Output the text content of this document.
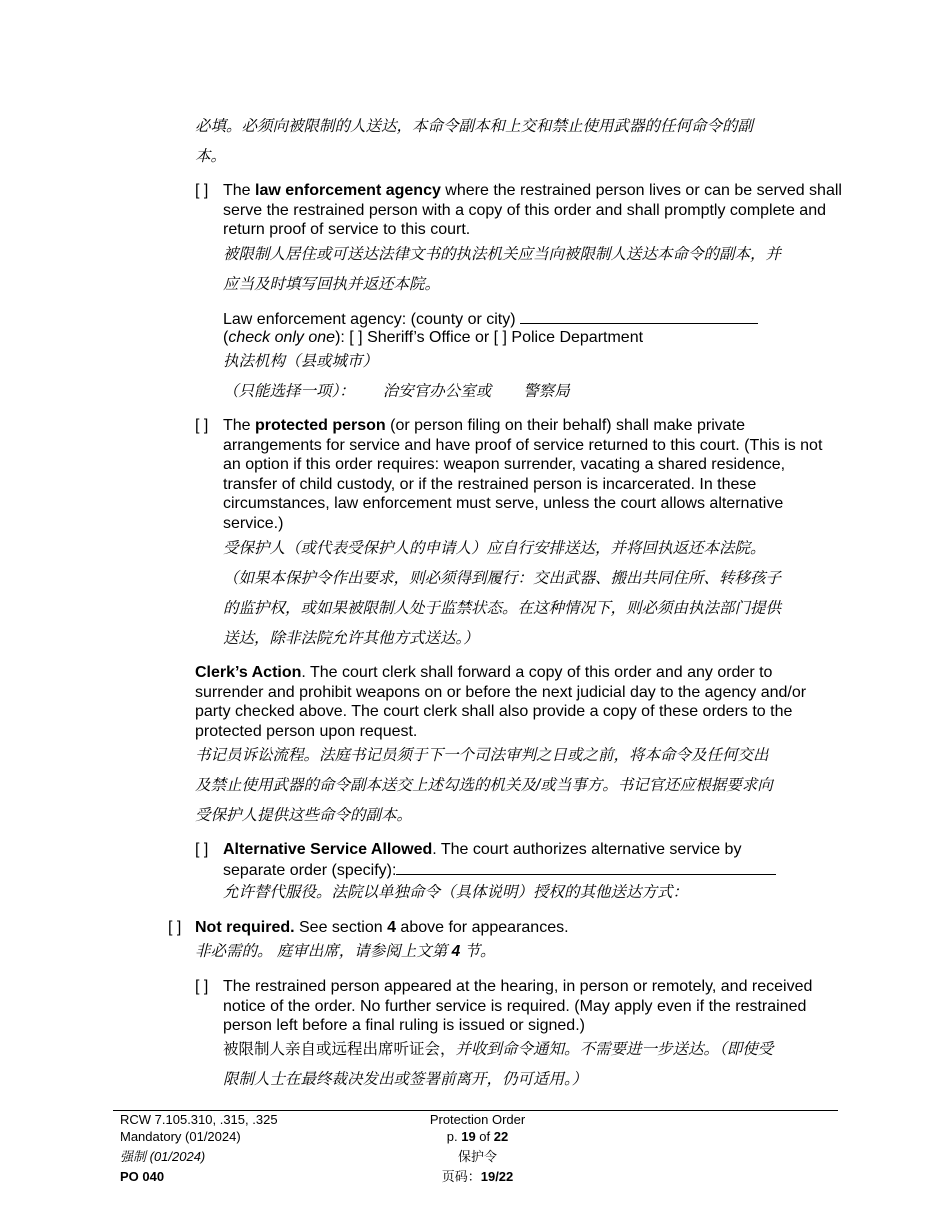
必填。必须向被限制的人送达，本命令副本和上交和禁止使用武器的任何命令的副
本。
[ ] The law enforcement agency where the restrained person lives or can be served shall serve the restrained person with a copy of this order and shall promptly complete and return proof of service to this court.
被限制人居住或可送达法律文书的执法机关应当向被限制人送达本命令的副本，并
应当及时填写回执并返还本院。
Law enforcement agency: (county or city)
(check only one): [ ] Sheriff’s Office or [ ] Police Department
执法机构（县或城市）
（只能选择一项）： 治安官办公室或 警察局
[ ] The protected person (or person filing on their behalf) shall make private arrangements for service and have proof of service returned to this court. (This is not an option if this order requires: weapon surrender, vacating a shared residence, transfer of child custody, or if the restrained person is incarcerated. In these circumstances, law enforcement must serve, unless the court allows alternative service.)
受保护人（或代表受保护人的申请人）应自行安排送达，并将回执返还本法院。
（如果本保护令作出要求，则必须得到履行：交出武器、搬出共同住所、转移孩子
的监护权，或如果被限制人处于监禁状态。在这种情况下，则必须由执法部门提供
送达，除非法院允许其他方式送达。）
Clerk’s Action. The court clerk shall forward a copy of this order and any order to surrender and prohibit weapons on or before the next judicial day to the agency and/or party checked above. The court clerk shall also provide a copy of these orders to the protected person upon request.
书记员诉讼流程。法庭书记员须于下一个司法审判之日或之前，将本命令及任何交出
及禁止使用武器的命令副本送交上述勾选的机关及/或当事方。书记官还应根据要求向
受保护人提供这些命令的副本。
[ ] Alternative Service Allowed. The court authorizes alternative service by separate order (specify):
允许替代服役。法院以单独命令（具体说明）授权的其他送达方式：
[ ] Not required. See section 4 above for appearances.
非必需的。 庭审出席，请参阅上文第 4 节。
[ ] The restrained person appeared at the hearing, in person or remotely, and received notice of the order. No further service is required. (May apply even if the restrained person left before a final ruling is issued or signed.)
被限制人亲自或远程出席听证会，并收到命令通知。不需要进一步送达。（即使受
限制人士在最终裁决发出或签署前离开，仍可适用。）
RCW 7.105.310, .315, .325
Mandatory (01/2024)
强制 (01/2024)
PO 040
Protection Order
p. 19 of 22
保护令
页码：19/22
